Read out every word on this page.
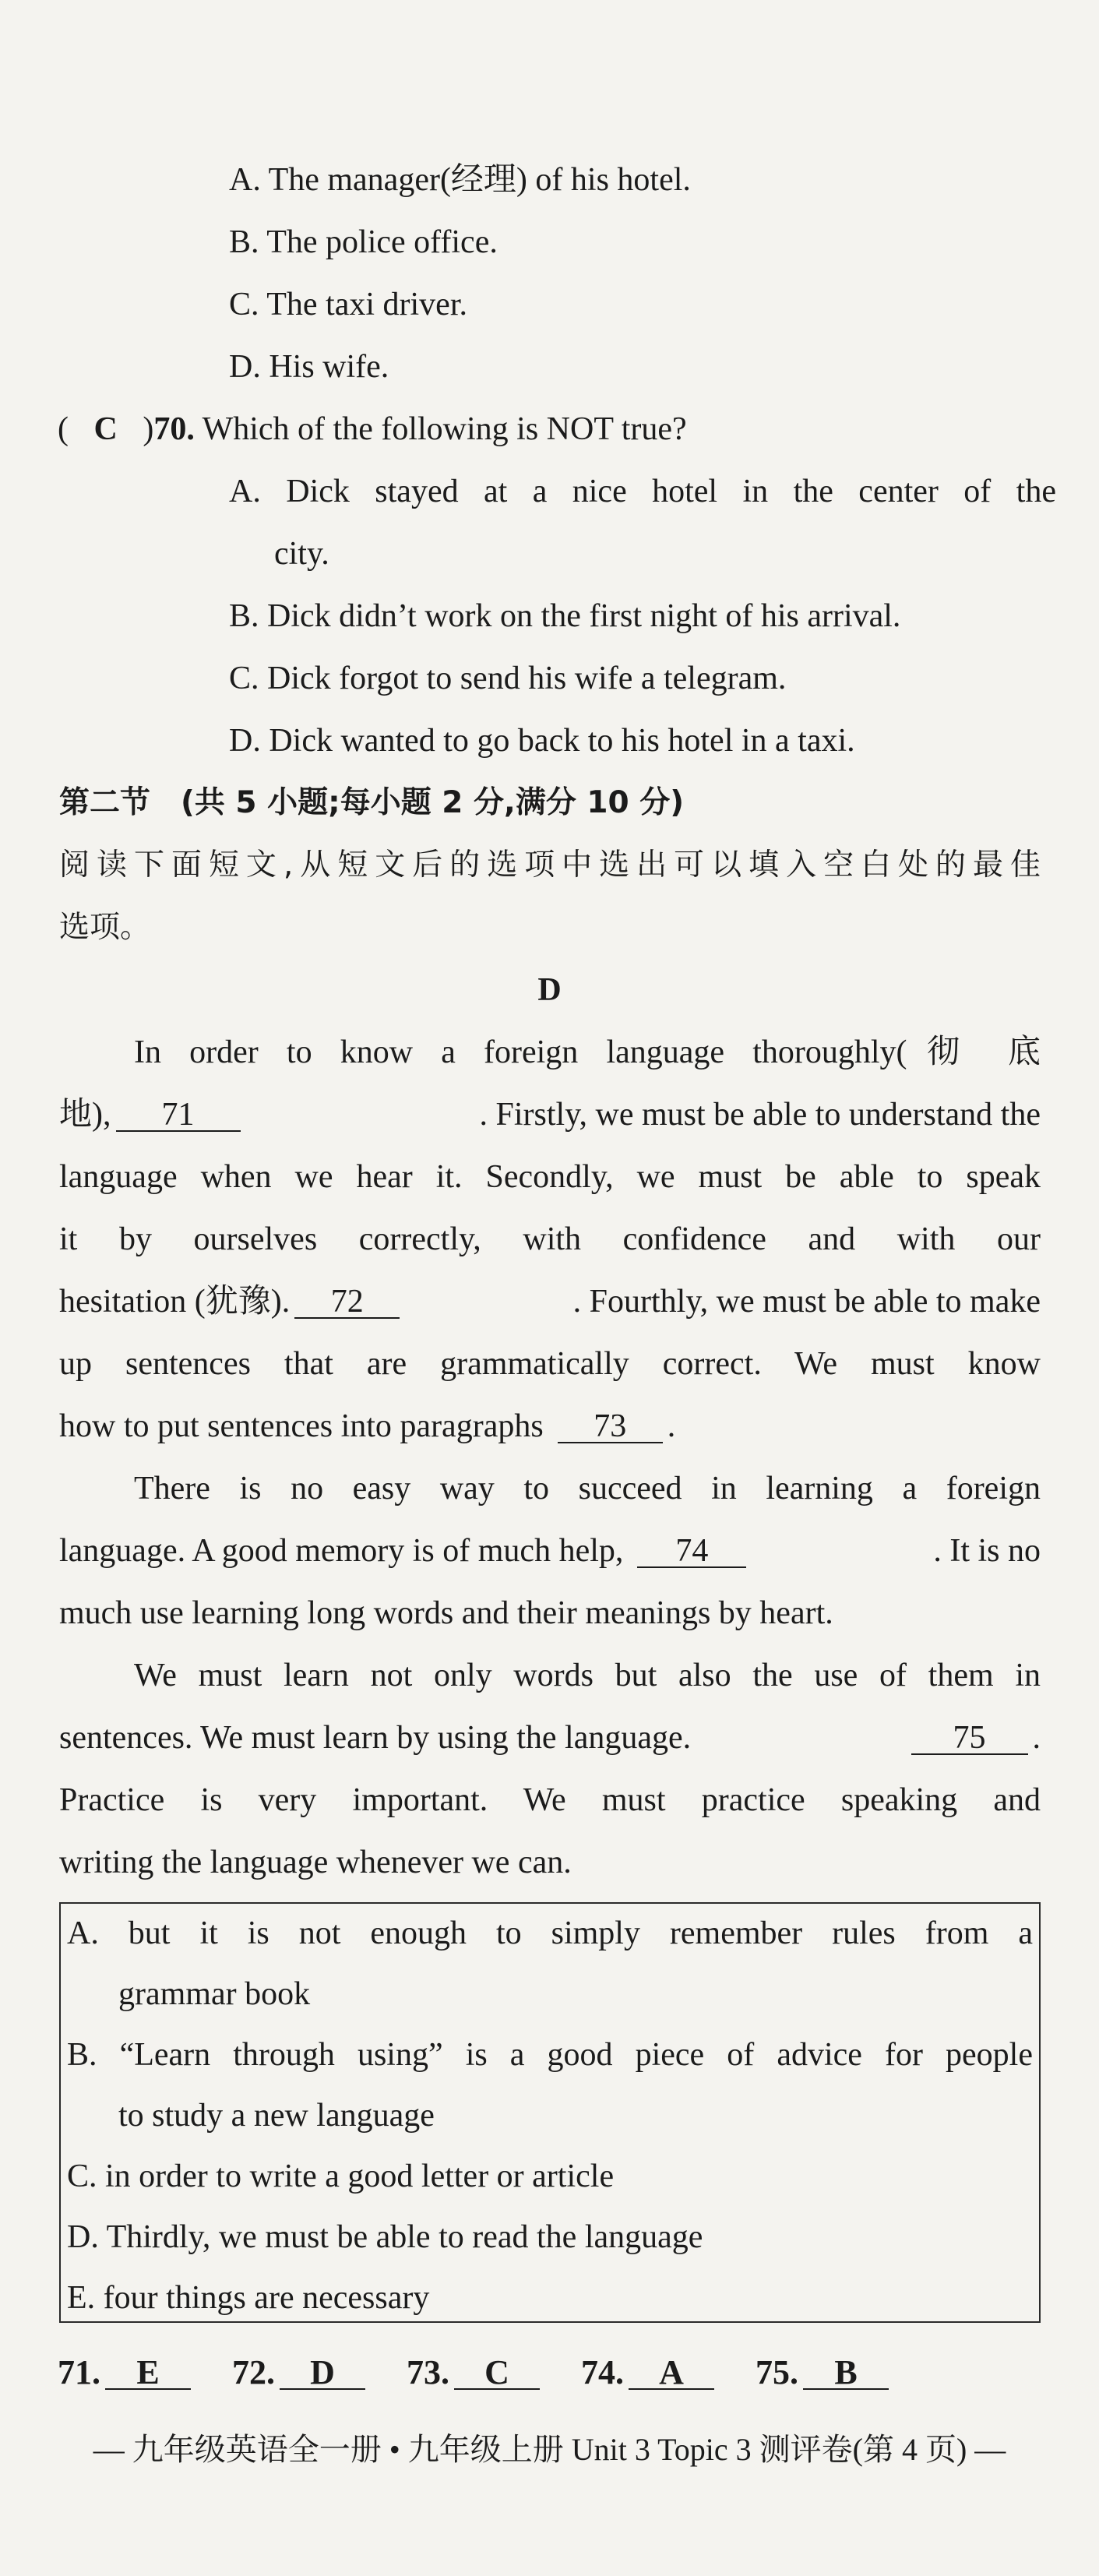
A. The manager(经理) of his hotel.
B. The police office.
C. The taxi driver.
D. His wife.
( C )70. Which of the following is NOT true?
A. Dick stayed at a nice hotel in the center of the
city.
B. Dick didn’t work on the first night of his arrival.
C. Dick forgot to send his wife a telegram.
D. Dick wanted to go back to his hotel in a taxi.
第二节　(共 5 小题;每小题 2 分,满分 10 分)
阅读下面短文,从短文后的选项中选出可以填入空白处的最佳
选项。
D
In order to know a foreign language thoroughly(彻 底
地), 71	. Firstly, we must be able to understand the
language when we hear it. Secondly, we must be able to speak
it by ourselves correctly, with confidence and with our
hesitation (犹豫). 72	. Fourthly, we must be able to make
up sentences that are grammatically correct. We must know
how to put sentences into paragraphs 73 .
There is no easy way to succeed in learning a foreign
language. A good memory is of much help, 74	. It is no
much use learning long words and their meanings by heart.
We must learn not only words but also the use of them in
sentences. We must learn by using the language.	75 .
Practice is very important. We must practice speaking and
writing the language whenever we can.
A. but it is not enough to simply remember rules from a
grammar book
B. “Learn through using” is a good piece of advice for people
to study a new language
C. in order to write a good letter or article
D. Thirdly, we must be able to read the language
E. four things are necessary
71. E 72. D 73. C 74. A 75. B
— 九年级英语全一册 • 九年级上册 Unit 3 Topic 3 测评卷(第 4 页) —
